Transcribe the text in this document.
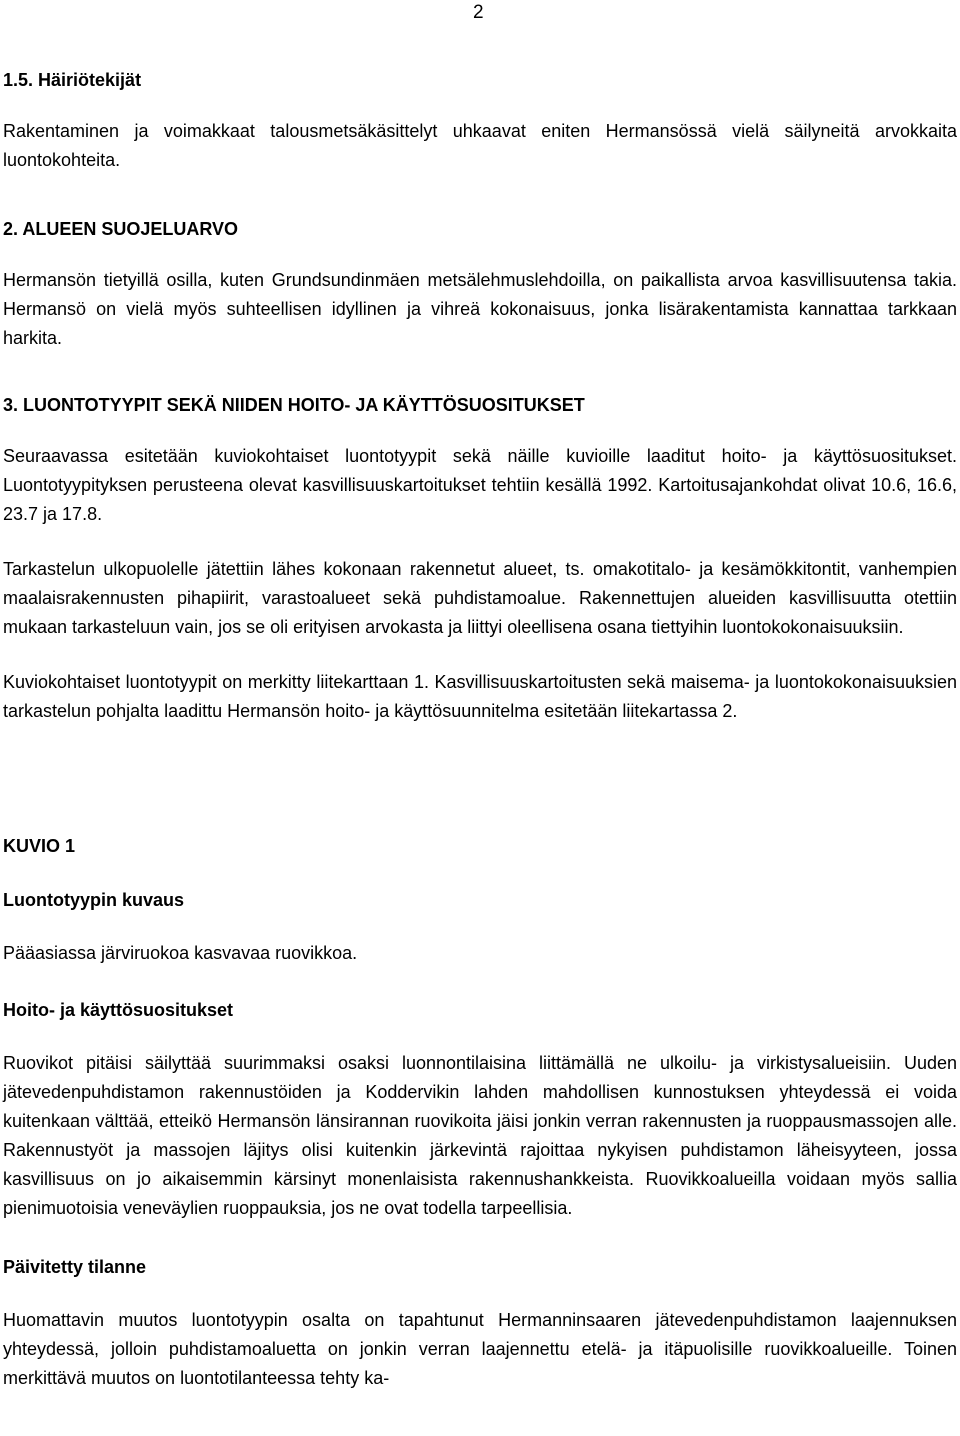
2
1.5. Häiriötekijät
Rakentaminen ja voimakkaat talousmetsäkäsittelyt uhkaavat eniten Hermansössä vielä säilyneitä arvokkaita luontokohteita.
2. ALUEEN SUOJELUARVO
Hermansön tietyillä osilla, kuten Grundsundinmäen metsälehmuslehdoilla, on paikallista arvoa kasvillisuutensa takia. Hermansö on vielä myös suhteellisen idyllinen ja vihreä kokonaisuus, jonka lisärakentamista kannattaa tarkkaan harkita.
3. LUONTOTYYPIT SEKÄ NIIDEN HOITO- JA KÄYTTÖSUOSITUKSET
Seuraavassa esitetään kuviokohtaiset luontotyypit sekä näille kuvioille laaditut hoito- ja käyttösuositukset. Luontotyypityksen perusteena olevat kasvillisuuskartoitukset tehtiin kesällä 1992. Kartoitusajankohdat olivat 10.6, 16.6, 23.7 ja 17.8.
Tarkastelun ulkopuolelle jätettiin lähes kokonaan rakennetut alueet, ts. omakotitalo- ja kesämökkitontit, vanhempien maalaisrakennusten pihapiirit, varastoalueet sekä puhdistamoalue. Rakennettujen alueiden kasvillisuutta otettiin mukaan tarkasteluun vain, jos se oli erityisen arvokasta ja liittyi oleellisena osana tiettyihin luontokokonaisuuksiin.
Kuviokohtaiset luontotyypit on merkitty liitekarttaan 1. Kasvillisuuskartoitusten sekä maisema- ja luontokokonaisuuksien tarkastelun pohjalta laadittu Hermansön hoito- ja käyttösuunnitelma esitetään liitekartassa 2.
Luontotyypin kuvaus
Pääasiassa järviruokoa kasvavaa ruovikkoa.
Hoito- ja käyttösuositukset
Ruovikot pitäisi säilyttää suurimmaksi osaksi luonnontilaisina liittämällä ne ulkoilu- ja virkistysalueisiin. Uuden jätevedenpuhdistamon rakennustöiden ja Koddervikin lahden mahdollisen kunnostuksen yhteydessä ei voida kuitenkaan välttää, etteikö Hermansön länsirannan ruovikoita jäisi jonkin verran rakennusten ja ruoppausmassojen alle. Rakennustyöt ja massojen läjitys olisi kuitenkin järkevintä rajoittaa nykyisen puhdistamon läheisyyteen, jossa kasvillisuus on jo aikaisemmin kärsinyt monenlaisista rakennushankkeista. Ruovikkoalueilla voidaan myös sallia pienimuotoisia veneväylien ruoppauksia, jos ne ovat todella tarpeellisia.
Päivitetty tilanne
Huomattavin muutos luontotyypin osalta on tapahtunut Hermanninsaaren jätevedenpuhdistamon laajennuksen yhteydessä, jolloin puhdistamoaluetta on jonkin verran laajennettu etelä- ja itäpuolisille ruovikkoalueille. Toinen merkittävä muutos on luontotilanteessa tehty ka-
KUVIO 1
